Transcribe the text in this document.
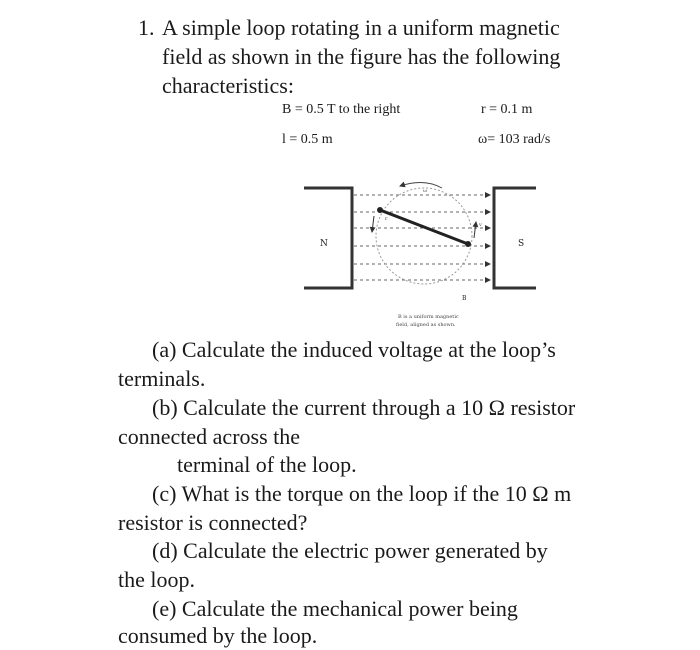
1. A simple loop rotating in a uniform magnetic
field as shown in the figure has the following
characteristics:
B = 0.5 T to the right	r = 0.1 m
l = 0.5 m	ω= 103 rad/s
ω
r
v
N	S
B
B is a uniform magnetic
field, aligned as shown.
(a) Calculate the induced voltage at the loop’s
terminals.
(b) Calculate the current through a 10 Ω resistor
connected across the
terminal of the loop.
(c) What is the torque on the loop if the 10 Ω m
resistor is connected?
(d) Calculate the electric power generated by
the loop.
(e) Calculate the mechanical power being
consumed by the loop.
